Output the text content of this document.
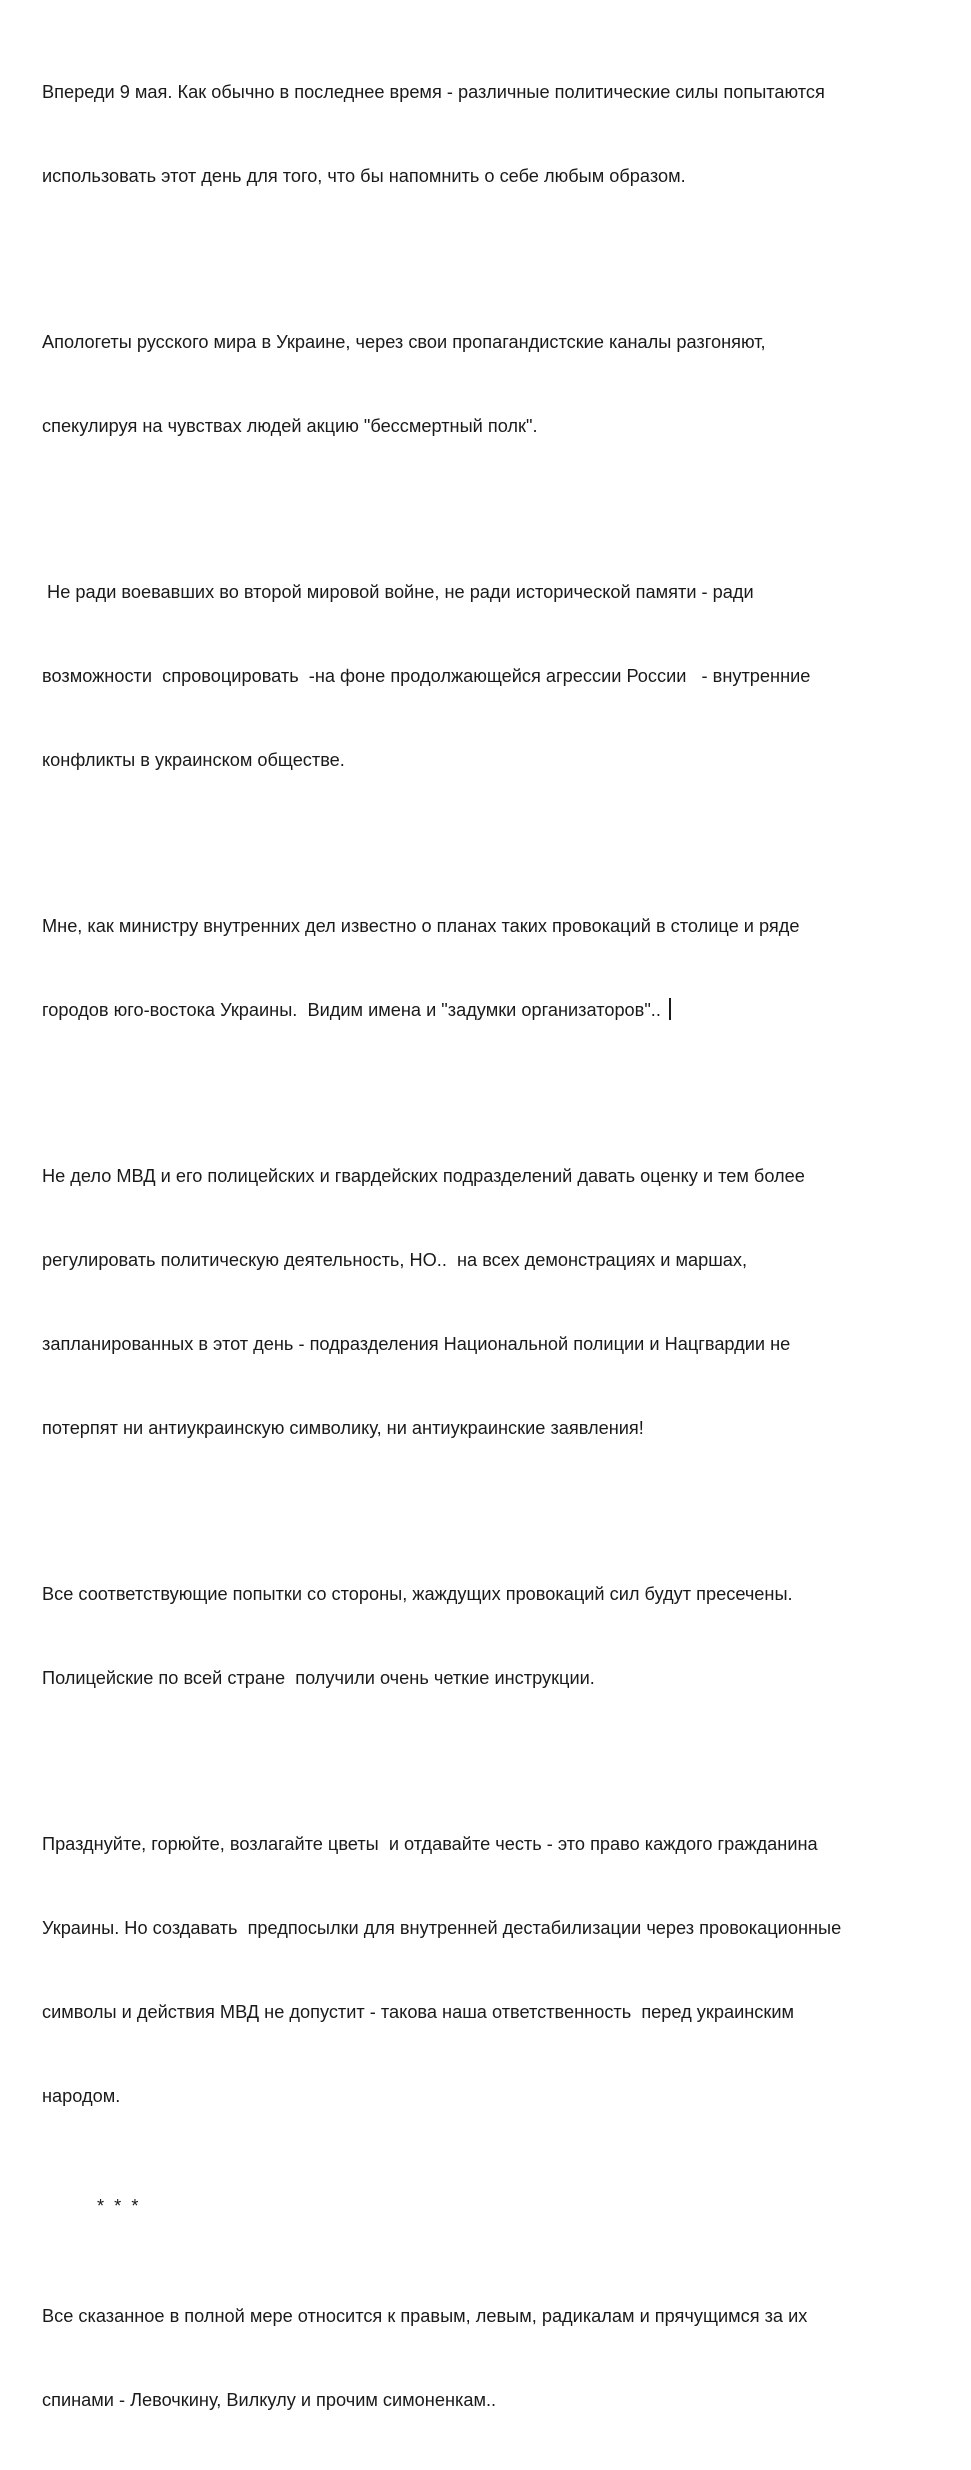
Впереди 9 мая. Как обычно в последнее время - различные политические силы попытаются

использовать этот день для того, что бы напомнить о себе любым образом.

Апологеты русского мира в Украине, через свои пропагандистские каналы разгоняют,

спекулируя на чувствах людей акцию "бессмертный полк".

Не ради воевавших во второй мировой войне, не ради исторической памяти - ради

возможности  спровоцировать  -на фоне продолжающейся агрессии России   - внутренние

конфликты в украинском обществе.

Мне, как министру внутренних дел известно о планах таких провокаций в столице и ряде

городов юго-востока Украины.  Видим имена и "задумки организаторов"..

Не дело МВД и его полицейских и гвардейских подразделений давать оценку и тем более

регулировать политическую деятельность, НО..  на всех демонстрациях и маршах,

запланированных в этот день - подразделения Национальной полиции и Нацгвардии не

потерпят ни антиукраинскую символику, ни антиукраинские заявления!

Все соответствующие попытки со стороны, жаждущих провокаций сил будут пресечены.

Полицейские по всей стране  получили очень четкие инструкции.

Празднуйте, горюйте, возлагайте цветы  и отдавайте честь - это право каждого гражданина

Украины. Но создавать  предпосылки для внутренней дестабилизации через провокационные

символы и действия МВД не допустит - такова наша ответственность  перед украинским

народом.

*  *  *

Все сказанное в полной мере относится к правым, левым, радикалам и прячущимся за их

спинами - Левочкину, Вилкулу и прочим симоненкам..
